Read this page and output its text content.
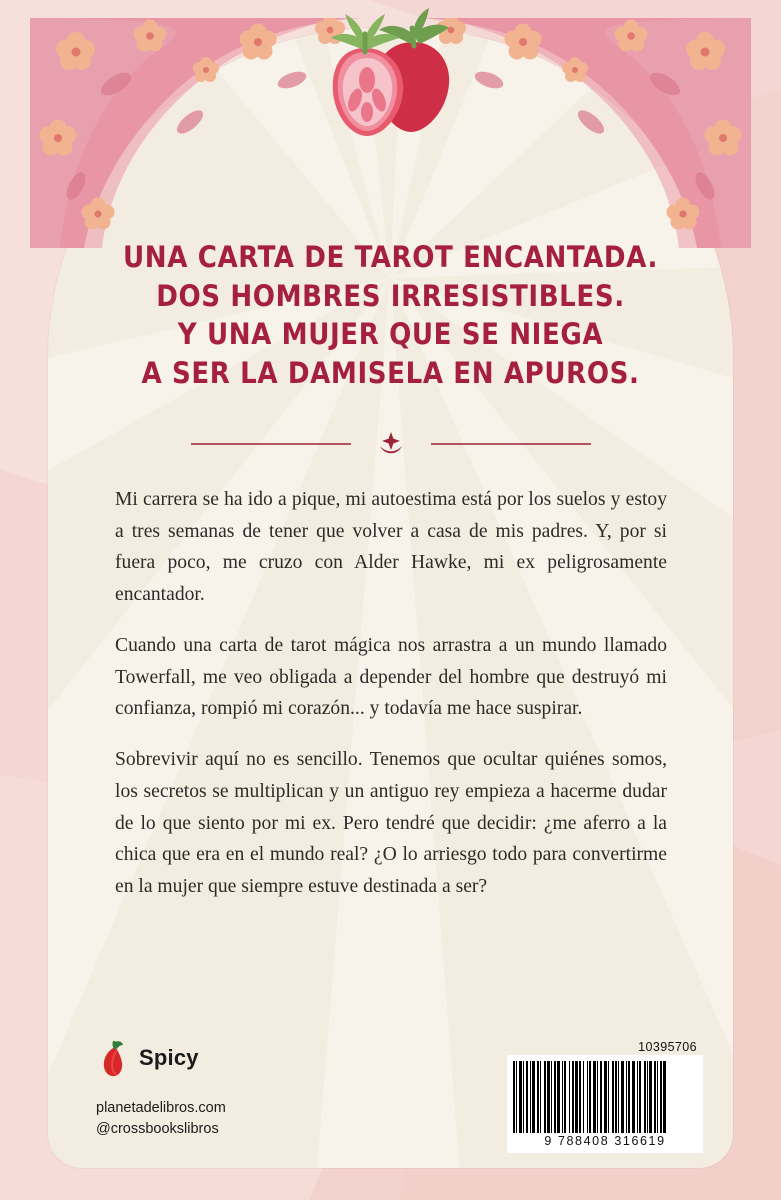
UNA CARTA DE TAROT ENCANTADA.
DOS HOMBRES IRRESISTIBLES.
Y UNA MUJER QUE SE NIEGA
A SER LA DAMISELA EN APUROS.

Mi carrera se ha ido a pique, mi autoestima está por los suelos y estoy a tres semanas de tener que volver a casa de mis padres. Y, por si fuera poco, me cruzo con Alder Hawke, mi ex peligrosamente encantador.

Cuando una carta de tarot mágica nos arrastra a un mundo llamado Towerfall, me veo obligada a depender del hombre que destruyó mi confianza, rompió mi corazón... y todavía me hace suspirar.

Sobrevivir aquí no es sencillo. Tenemos que ocultar quiénes somos, los secretos se multiplican y un antiguo rey empieza a hacerme dudar de lo que siento por mi ex. Pero tendré que decidir: ¿me aferro a la chica que era en el mundo real? ¿O lo arriesgo todo para convertirme en la mujer que siempre estuve destinada a ser?

Spicy
planetadelibros.com
@crossbookslibros
10395706
9 788408 316619
